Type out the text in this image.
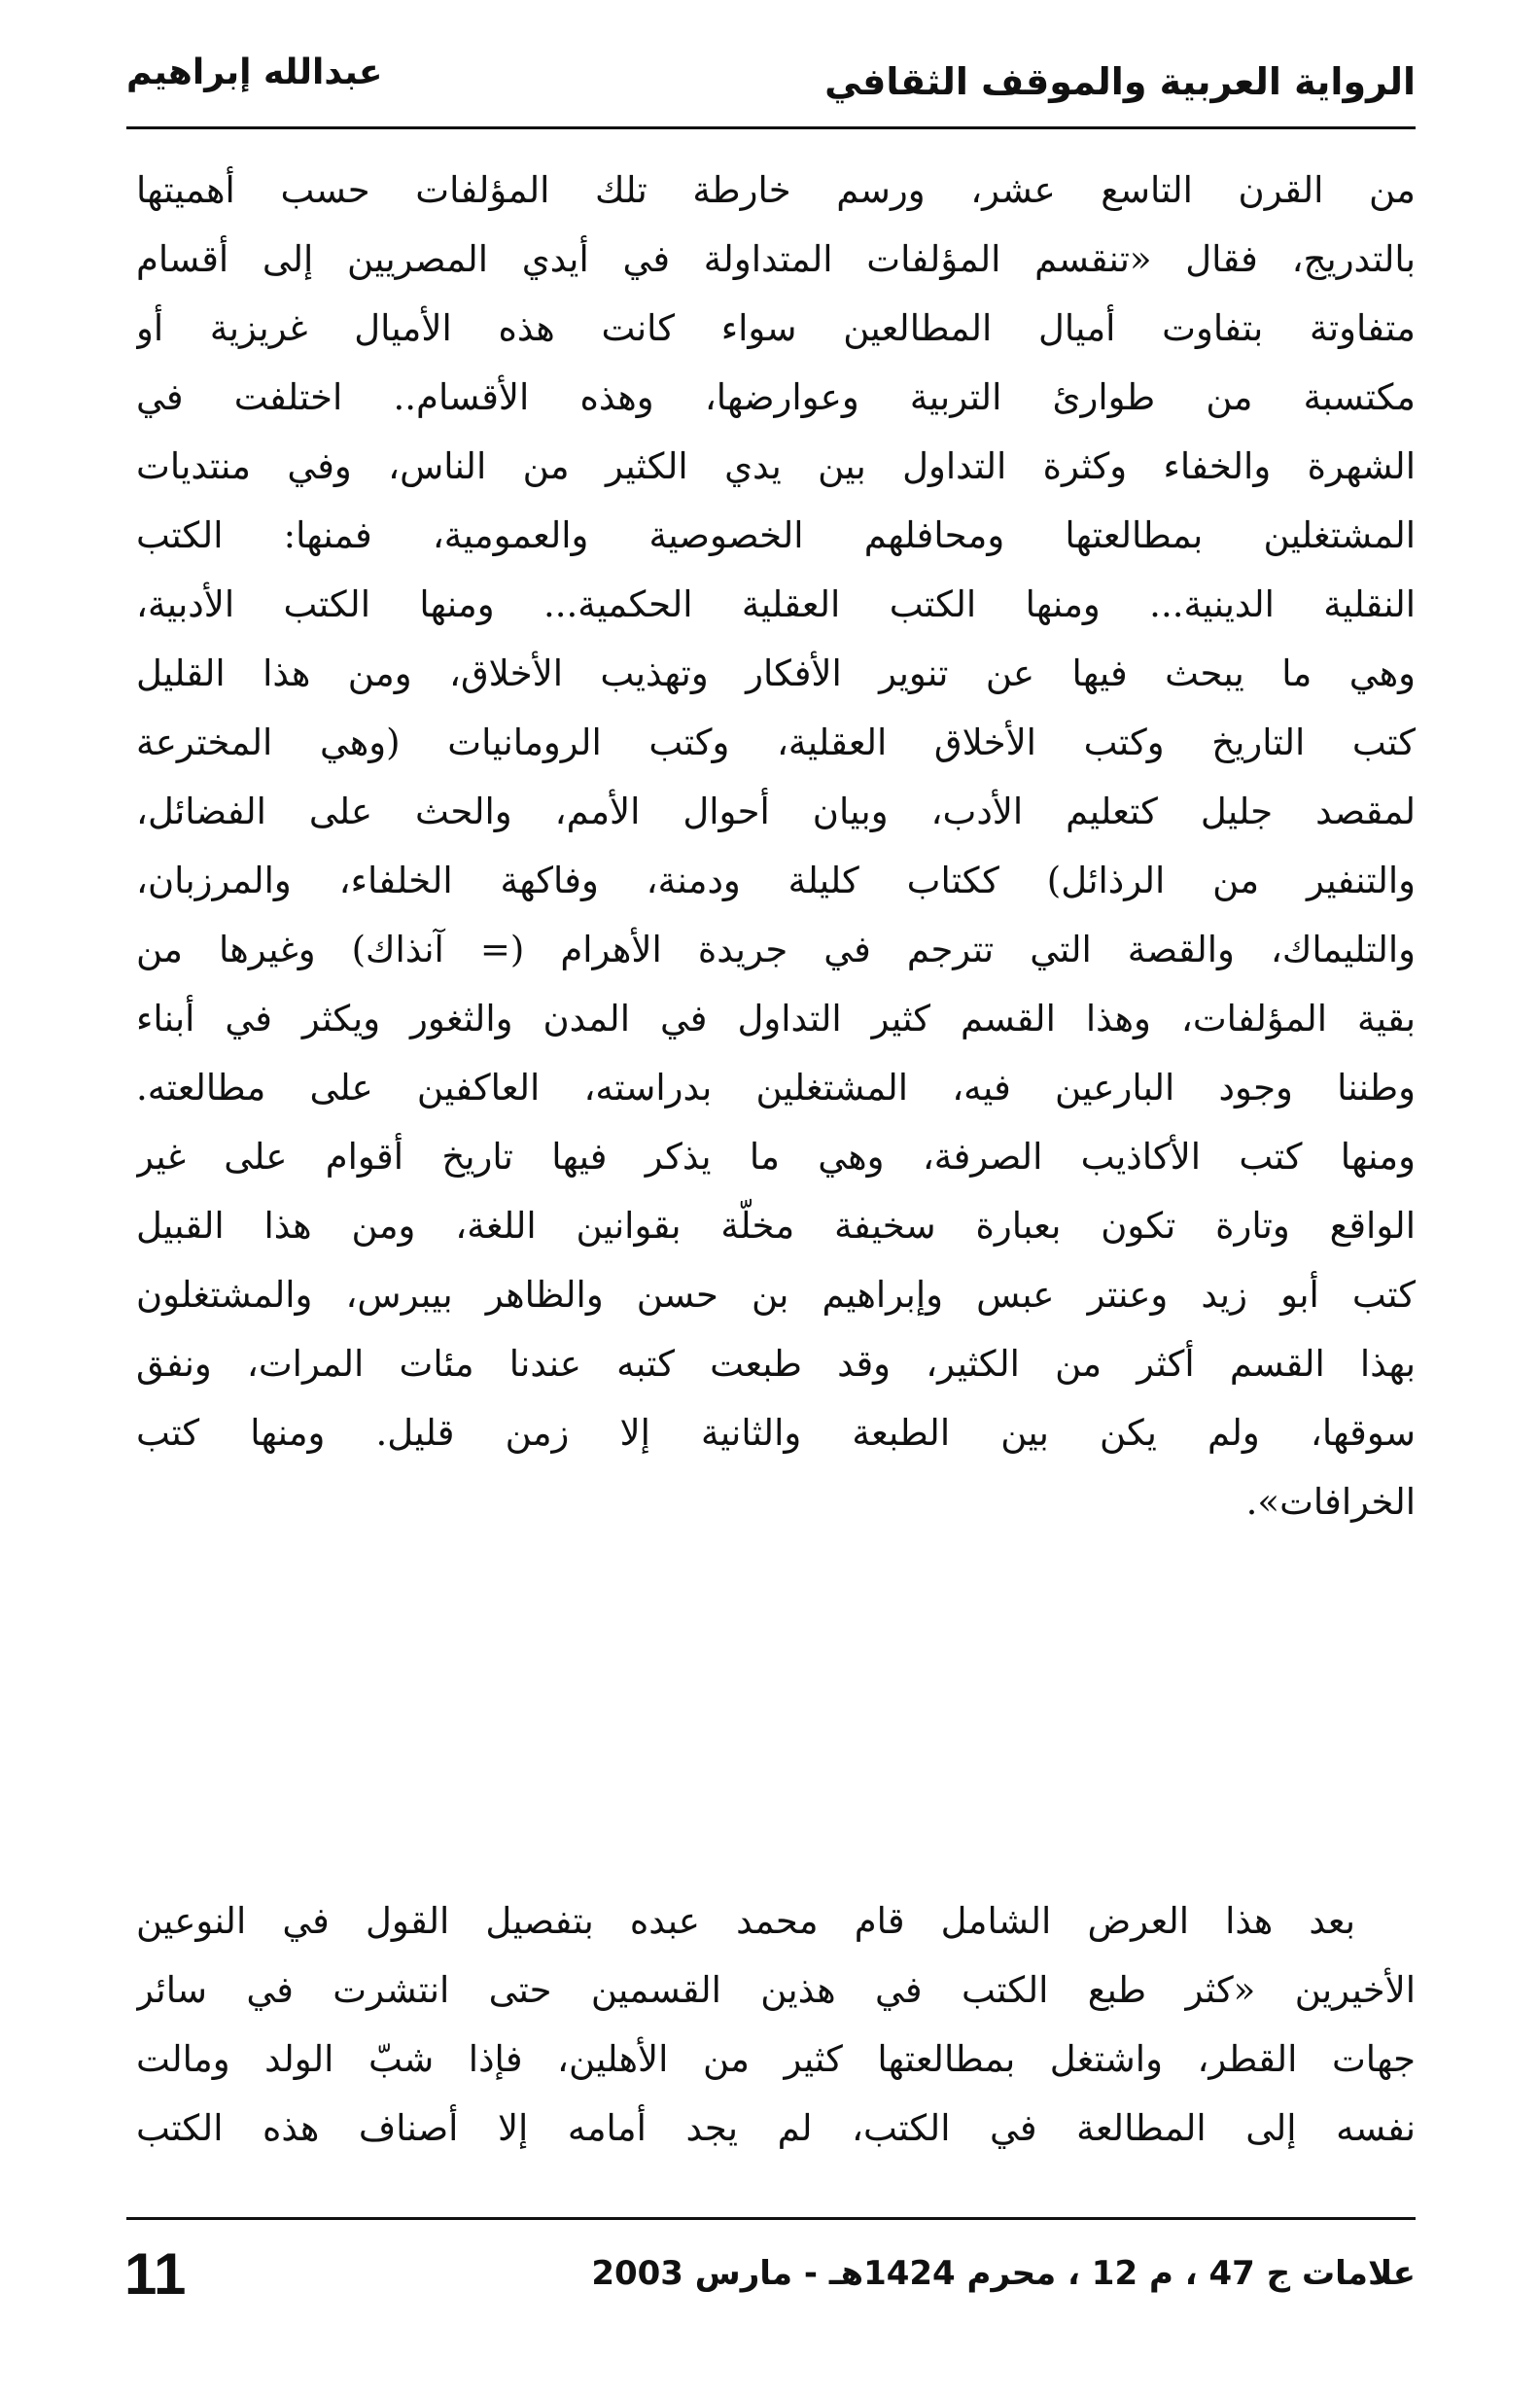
الرواية العربية والموقف الثقافي
عبدالله إبراهيم
من القرن التاسع عشر، ورسم خارطة تلك المؤلفات حسب أهميتها
بالتدريج، فقال «تنقسم المؤلفات المتداولة في أيدي المصريين إلى أقسام
متفاوتة بتفاوت أميال المطالعين سواء كانت هذه الأميال غريزية أو
مكتسبة من طوارئ التربية وعوارضها، وهذه الأقسام.. اختلفت في
الشهرة والخفاء وكثرة التداول بين يدي الكثير من الناس، وفي منتديات
المشتغلين بمطالعتها ومحافلهم الخصوصية والعمومية، فمنها: الكتب
النقلية الدينية... ومنها الكتب العقلية الحكمية... ومنها الكتب الأدبية،
وهي ما يبحث فيها عن تنوير الأفكار وتهذيب الأخلاق، ومن هذا القليل
كتب التاريخ وكتب الأخلاق العقلية، وكتب الرومانيات (وهي المخترعة
لمقصد جليل كتعليم الأدب، وبيان أحوال الأمم، والحث على الفضائل،
والتنفير من الرذائل) ككتاب كليلة ودمنة، وفاكهة الخلفاء، والمرزبان،
والتليماك، والقصة التي تترجم في جريدة الأهرام (= آنذاك) وغيرها من
بقية المؤلفات، وهذا القسم كثير التداول في المدن والثغور ويكثر في أبناء
وطننا وجود البارعين فيه، المشتغلين بدراسته، العاكفين على مطالعته.
ومنها كتب الأكاذيب الصرفة، وهي ما يذكر فيها تاريخ أقوام على غير
الواقع وتارة تكون بعبارة سخيفة مخلّة بقوانين اللغة، ومن هذا القبيل
كتب أبو زيد وعنتر عبس وإبراهيم بن حسن والظاهر بيبرس، والمشتغلون
بهذا القسم أكثر من الكثير، وقد طبعت كتبه عندنا مئات المرات، ونفق
سوقها، ولم يكن بين الطبعة والثانية إلا زمن قليل. ومنها كتب
الخرافات».
بعد هذا العرض الشامل قام محمد عبده بتفصيل القول في النوعين
الأخيرين «كثر طبع الكتب في هذين القسمين حتى انتشرت في سائر
جهات القطر، واشتغل بمطالعتها كثير من الأهلين، فإذا شبّ الولد ومالت
نفسه إلى المطالعة في الكتب، لم يجد أمامه إلا أصناف هذه الكتب
علامات ج 47 ، م 12 ، محرم 1424هـ - مارس 2003
11
